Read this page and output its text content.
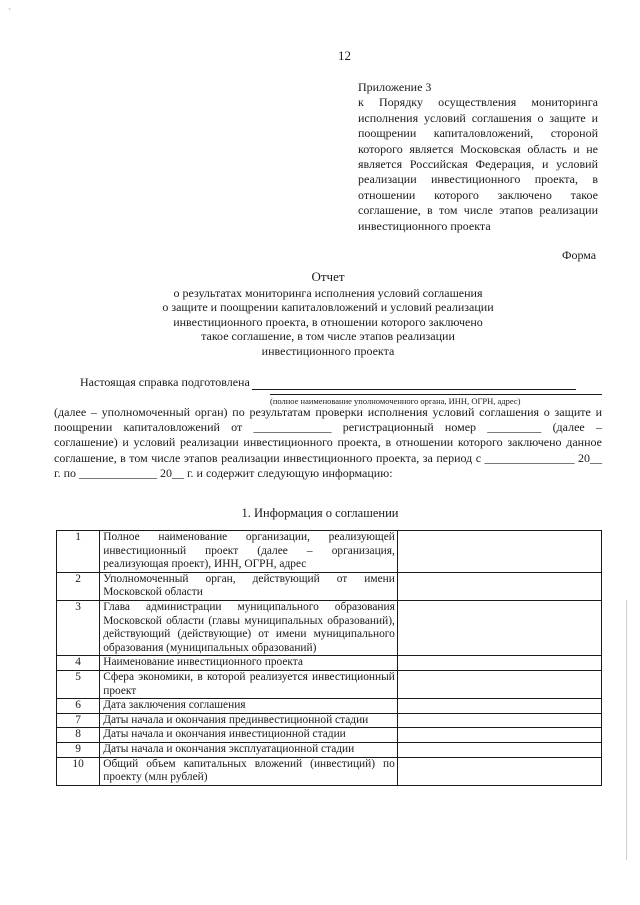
`
12
Приложение 3
к Порядку осуществления мониторинга исполнения условий соглашения о защите и поощрении капиталовложений, стороной которого является Московская область и не является Российская Федерация, и условий реализации инвестиционного проекта, в отношении которого заключено такое соглашение, в том числе этапов реализации инвестиционного проекта
Форма
Отчет
о результатах мониторинга исполнения условий соглашения
о защите и поощрении капиталовложений и условий реализации
инвестиционного проекта, в отношении которого заключено
такое соглашение, в том числе этапов реализации
инвестиционного проекта
Настоящая справка подготовлена
(полное наименование уполномоченного органа, ИНН, ОГРН, адрес)
(далее – уполномоченный орган) по результатам проверки исполнения условий соглашения о защите и поощрении капиталовложений от _____________ регистрационный номер _________ (далее – соглашение) и условий реализации инвестиционного проекта, в отношении которого заключено данное соглашение, в том числе этапов реализации инвестиционного проекта, за период с _______________ 20__ г. по _____________ 20__ г. и содержит следующую информацию:
1. Информация о соглашении
1	Полное наименование организации, реализующей инвестиционный проект (далее – организация, реализующая проект), ИНН, ОГРН, адрес	
2	Уполномоченный орган, действующий от имени Московской области	
3	Глава администрации муниципального образования Московской области (главы муниципальных образований), действующий (действующие) от имени муниципального образования (муниципальных образований)	
4	Наименование инвестиционного проекта	
5	Сфера экономики, в которой реализуется инвестиционный проект	
6	Дата заключения соглашения	
7	Даты начала и окончания прединвестиционной стадии	
8	Даты начала и окончания инвестиционной стадии	
9	Даты начала и окончания эксплуатационной стадии	
10	Общий объем капитальных вложений (инвестиций) по проекту (млн рублей)	
